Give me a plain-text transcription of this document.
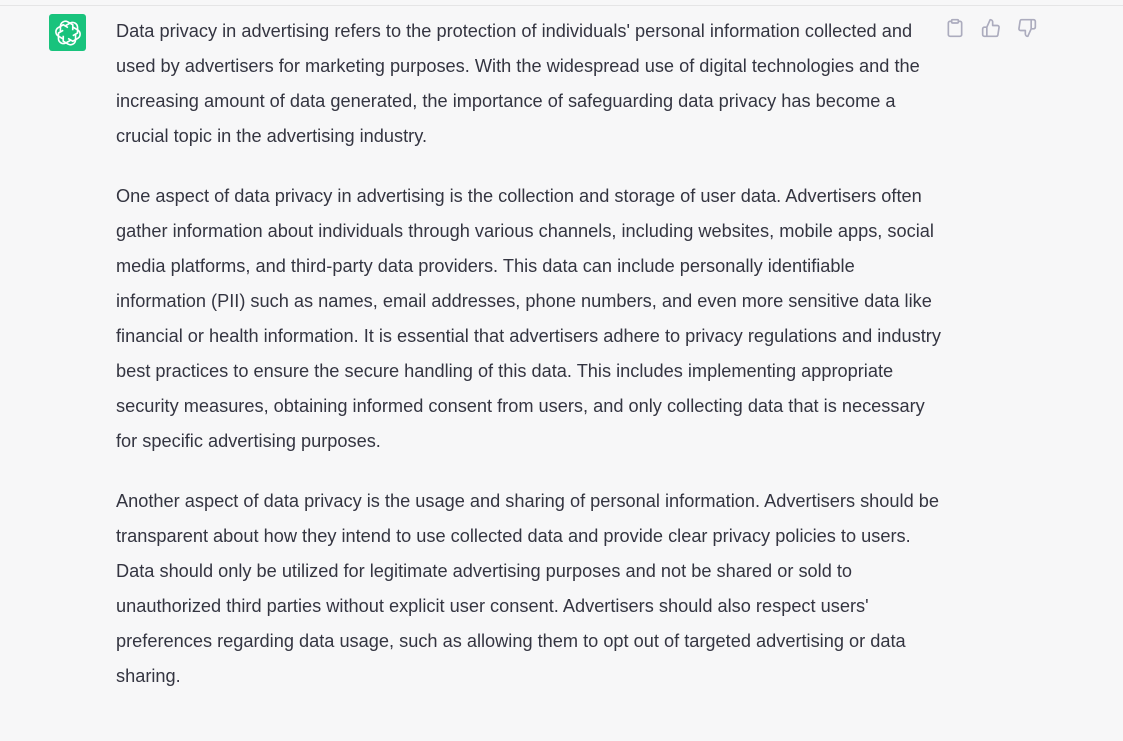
Data privacy in advertising refers to the protection of individuals' personal information collected and used by advertisers for marketing purposes. With the widespread use of digital technologies and the increasing amount of data generated, the importance of safeguarding data privacy has become a crucial topic in the advertising industry.

One aspect of data privacy in advertising is the collection and storage of user data. Advertisers often gather information about individuals through various channels, including websites, mobile apps, social media platforms, and third-party data providers. This data can include personally identifiable information (PII) such as names, email addresses, phone numbers, and even more sensitive data like financial or health information. It is essential that advertisers adhere to privacy regulations and industry best practices to ensure the secure handling of this data. This includes implementing appropriate security measures, obtaining informed consent from users, and only collecting data that is necessary for specific advertising purposes.

Another aspect of data privacy is the usage and sharing of personal information. Advertisers should be transparent about how they intend to use collected data and provide clear privacy policies to users. Data should only be utilized for legitimate advertising purposes and not be shared or sold to unauthorized third parties without explicit user consent. Advertisers should also respect users' preferences regarding data usage, such as allowing them to opt out of targeted advertising or data sharing.
